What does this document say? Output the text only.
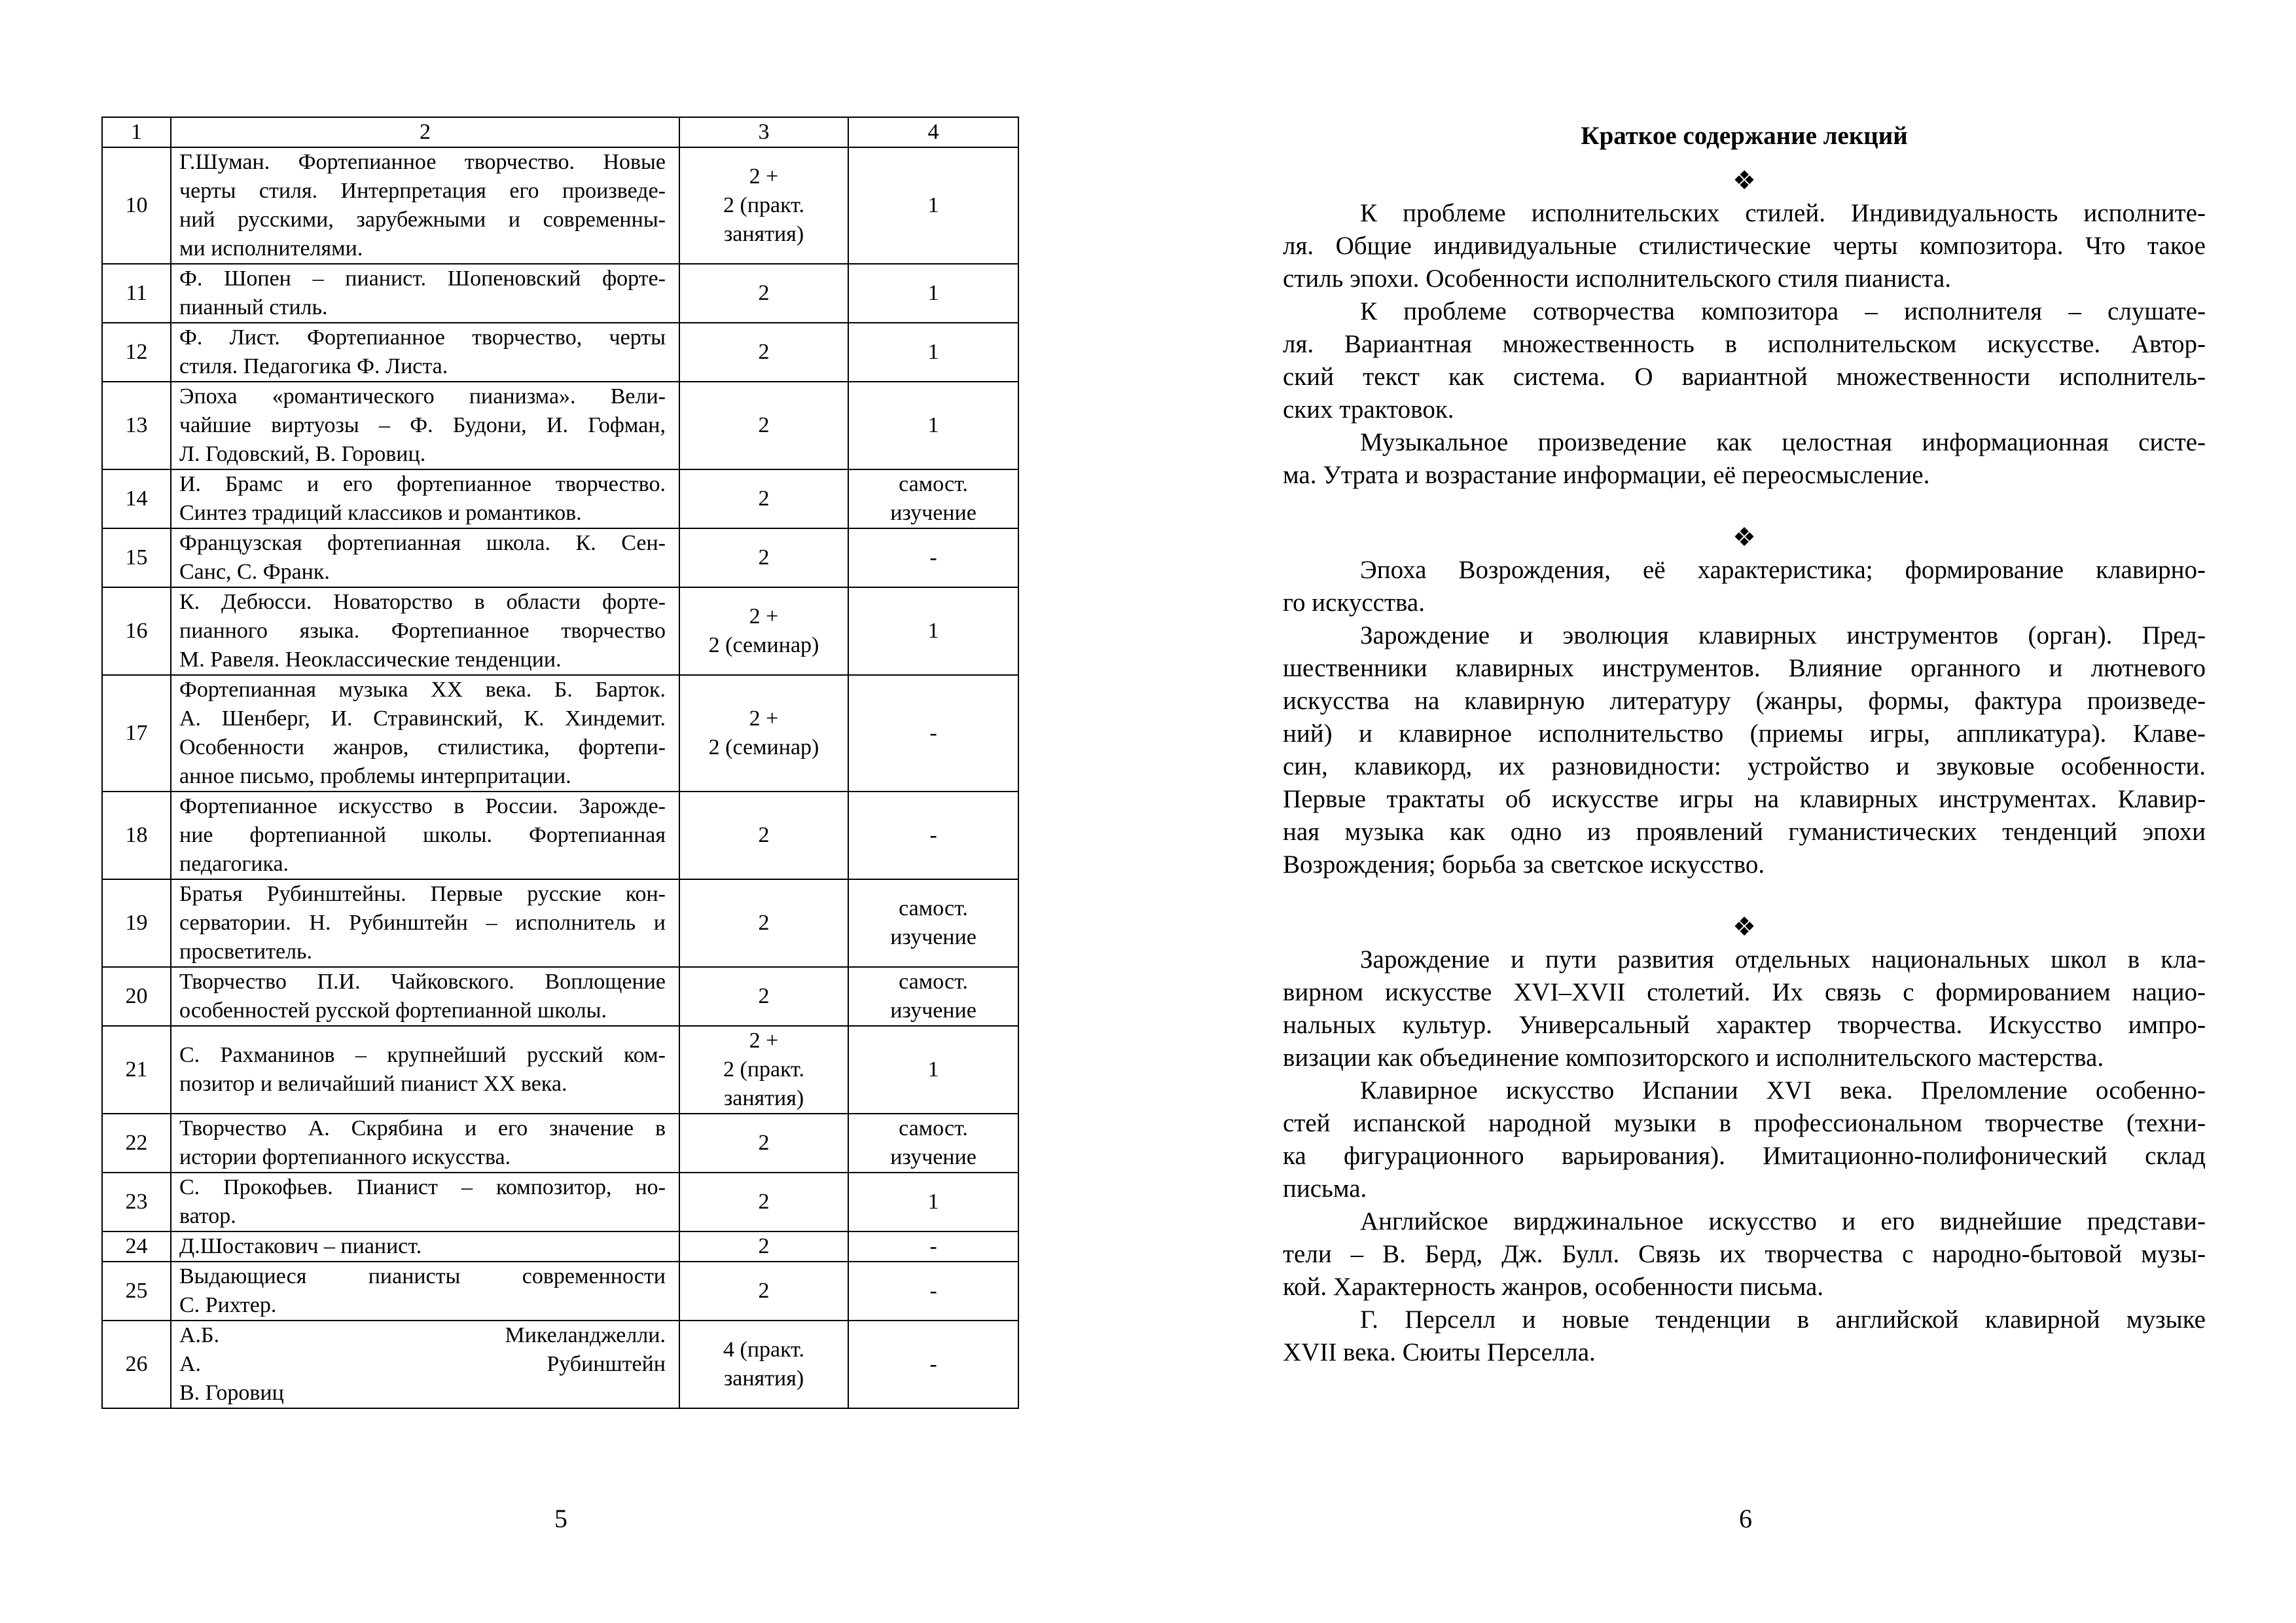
1	2	3	4
10	Г.Шуман. Фортепианное творчество. Новые
черты стиля. Интерпретация его произведе-
ний русскими, зарубежными и современны-
ми исполнителями.	2 +
2 (практ.
занятия)	1

11	Ф. Шопен – пианист. Шопеновский форте-
пианный стиль.	2	1

12	Ф. Лист. Фортепианное творчество, черты
стиля. Педагогика Ф. Листа.	2	1

13	Эпоха «романтического пианизма». Вели-
чайшие виртуозы – Ф. Будони, И. Гофман,
Л. Годовский, В. Горовиц.	2	1

14	И. Брамс и его фортепианное творчество.
Синтез традиций классиков и романтиков.	2	самост.
изучение

15	Французская фортепианная школа. К. Сен-
Санс, С. Франк.	2	-

16	К. Дебюсси. Новаторство в области форте-
пианного языка. Фортепианное творчество
М. Равеля. Неоклассические тенденции.	2 +
2 (семинар)	1

17	Фортепианная музыка XX века. Б. Барток.
А. Шенберг, И. Стравинский, К. Хиндемит.
Особенности жанров, стилистика, фортепи-
анное письмо, проблемы интерпритации.	2 +
2 (семинар)	-

18	Фортепианное искусство в России. Зарожде-
ние фортепианной школы. Фортепианная
педагогика.	2	-

19	Братья Рубинштейны. Первые русские кон-
серватории. Н. Рубинштейн – исполнитель и
просветитель.	2	самост.
изучение

20	Творчество П.И. Чайковского. Воплощение
особенностей русской фортепианной школы.	2	самост.
изучение

21	С. Рахманинов – крупнейший русский ком-
позитор и величайший пианист XX века.	2 +
2 (практ.
занятия)	1

22	Творчество А. Скрябина и его значение в
истории фортепианного искусства.	2	самост.
изучение

23	С. Прокофьев. Пианист – композитор, но-
ватор.	2	1

24	Д.Шостакович – пианист.	2	-

25	Выдающиеся пианисты современности
С. Рихтер.	2	-

26	А.Б. Микеланджелли.
А. Рубинштейн
В. Горовиц	4 (практ.
занятия)	-
5	6
Краткое содержание лекций
❖
К проблеме исполнительских стилей. Индивидуальность исполните-
ля. Общие индивидуальные стилистические черты композитора. Что такое
стиль эпохи. Особенности исполнительского стиля пианиста.
К проблеме сотворчества композитора – исполнителя – слушате-
ля. Вариантная множественность в исполнительском искусстве. Автор-
ский текст как система. О вариантной множественности исполнитель-
ских трактовок.
Музыкальное произведение как целостная информационная систе-
ма. Утрата и возрастание информации, её переосмысление.
❖
Эпоха Возрождения, её характеристика; формирование клавирно-
го искусства.
Зарождение и эволюция клавирных инструментов (орган). Пред-
шественники клавирных инструментов. Влияние органного и лютневого
искусства на клавирную литературу (жанры, формы, фактура произведе-
ний) и клавирное исполнительство (приемы игры, аппликатура). Клаве-
син, клавикорд, их разновидности: устройство и звуковые особенности.
Первые трактаты об искусстве игры на клавирных инструментах. Клавир-
ная музыка как одно из проявлений гуманистических тенденций эпохи
Возрождения; борьба за светское искусство.
❖
Зарождение и пути развития отдельных национальных школ в кла-
вирном искусстве XVI–XVII столетий. Их связь с формированием нацио-
нальных культур. Универсальный характер творчества. Искусство импро-
визации как объединение композиторского и исполнительского мастерства.
Клавирное искусство Испании XVI века. Преломление особенно-
стей испанской народной музыки в профессиональном творчестве (техни-
ка фигурационного варьирования). Имитационно-полифонический склад
письма.
Английское вирджинальное искусство и его виднейшие представи-
тели – В. Берд, Дж. Булл. Связь их творчества с народно-бытовой музы-
кой. Характерность жанров, особенности письма.
Г. Перселл и новые тенденции в английской клавирной музыке
XVII века. Сюиты Перселла.
